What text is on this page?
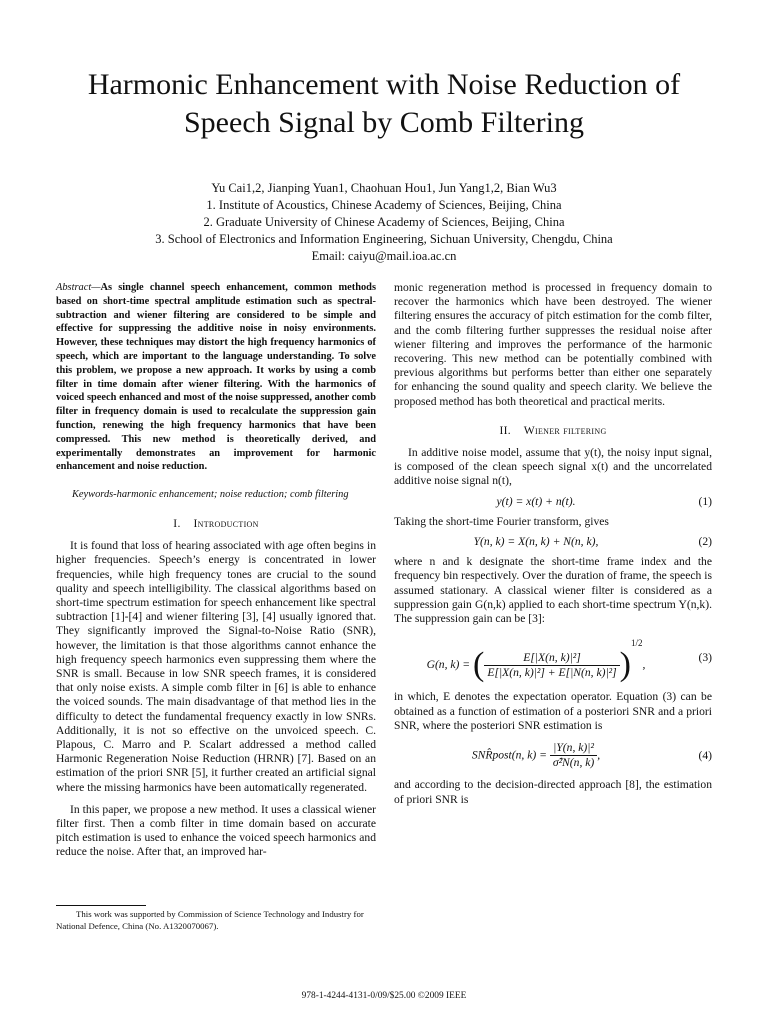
Harmonic Enhancement with Noise Reduction of
Speech Signal by Comb Filtering
Yu Cai1,2, Jianping Yuan1, Chaohuan Hou1, Jun Yang1,2, Bian Wu3
1. Institute of Acoustics, Chinese Academy of Sciences, Beijing, China
2. Graduate University of Chinese Academy of Sciences, Beijing, China
3. School of Electronics and Information Engineering, Sichuan University, Chengdu, China
Email: caiyu@mail.ioa.ac.cn
Abstract—As single channel speech enhancement, common methods based on short-time spectral amplitude estimation such as spectral-subtraction and wiener filtering are considered to be simple and effective for suppressing the additive noise in noisy environments. However, these techniques may distort the high frequency harmonics of speech, which are important to the language understanding. To solve this problem, we propose a new approach. It works by using a comb filter in time domain after wiener filtering. With the harmonics of voiced speech enhanced and most of the noise suppressed, another comb filter in frequency domain is used to recalculate the suppression gain function, renewing the high frequency harmonics that have been compressed. This new method is theoretically derived, and experimentally demonstrates an improvement for harmonic enhancement and noise reduction.
Keywords-harmonic enhancement; noise reduction; comb filtering
I. Introduction

It is found that loss of hearing associated with age often begins in higher frequencies. Speech’s energy is concentrated in lower frequencies, while high frequency tones are crucial to the sound quality and speech intelligibility. The classical algorithms based on short-time spectrum estimation for speech enhancement like spectral subtraction [1]-[4] and wiener filtering [3], [4] usually ignored that. They significantly improved the Signal-to-Noise Ratio (SNR), however, the limitation is that those algorithms cannot enhance the high frequency speech harmonics even suppressing them where the SNR is small. Because in low SNR speech frames, it is considered that only noise exists. A simple comb filter in [6] is able to enhance the voiced sounds. The main disadvantage of that method lies in the difficulty to detect the fundamental frequency exactly in low SNRs. Additionally, it is not so effective on the unvoiced speech. C. Plapous, C. Marro and P. Scalart addressed a method called Harmonic Regeneration Noise Reduction (HRNR) [7]. Based on an estimation of the priori SNR [5], it further created an artificial signal where the missing harmonics have been automatically regenerated.

In this paper, we propose a new method. It uses a classical wiener filter first. Then a comb filter in time domain based on accurate pitch estimation is used to enhance the voiced speech harmonics and reduce the noise. After that, an improved har-

monic regeneration method is processed in frequency domain to recover the harmonics which have been destroyed. The wiener filtering ensures the accuracy of pitch estimation for the comb filter, and the comb filtering further suppresses the residual noise after wiener filtering and improves the performance of the harmonic recovering. This new method can be potentially combined with previous algorithms but performs better than either one separately for enhancing the sound quality and speech clarity. We believe the proposed method has both theoretical and practical merits.

II. Wiener filtering

In additive noise model, assume that y(t), the noisy input signal, is composed of the clean speech signal x(t) and the uncorrelated additive noise signal n(t),

y(t) = x(t) + n(t).	(1)

Taking the short-time Fourier transform, gives

Y(n, k) = X(n, k) + N(n, k),	(2)

where n and k designate the short-time frame index and the frequency bin respectively. Over the duration of frame, the speech is assumed stationary. A classical wiener filter is considered as a suppression gain G(n,k) applied to each short-time spectrum Y(n,k). The suppression gain can be [3]:

G(n, k) = ( $\frac{\text{E[|X(n, k)|²]}}{\text{E[|X(n, k)|²] + E[|N(n, k)|²]}} )^{1/2}$,
(3)

in which, E denotes the expectation operator. Equation (3) can be obtained as a function of estimation of a posteriori SNR and a priori SNR, where the posteriori SNR estimation is

SNR̂post(n, $k) = \frac{\text{|Y(n, k)|²}}{\text{σ̂²N(n, k)}}$ ,	(4)

and according to the decision-directed approach [8], the estimation of priori SNR is

This work was supported by Commission of Science Technology and Industry for National Defence, China (No. A1320070067).
978-1-4244-4131-0/09/$25.00 ©2009 IEEE
